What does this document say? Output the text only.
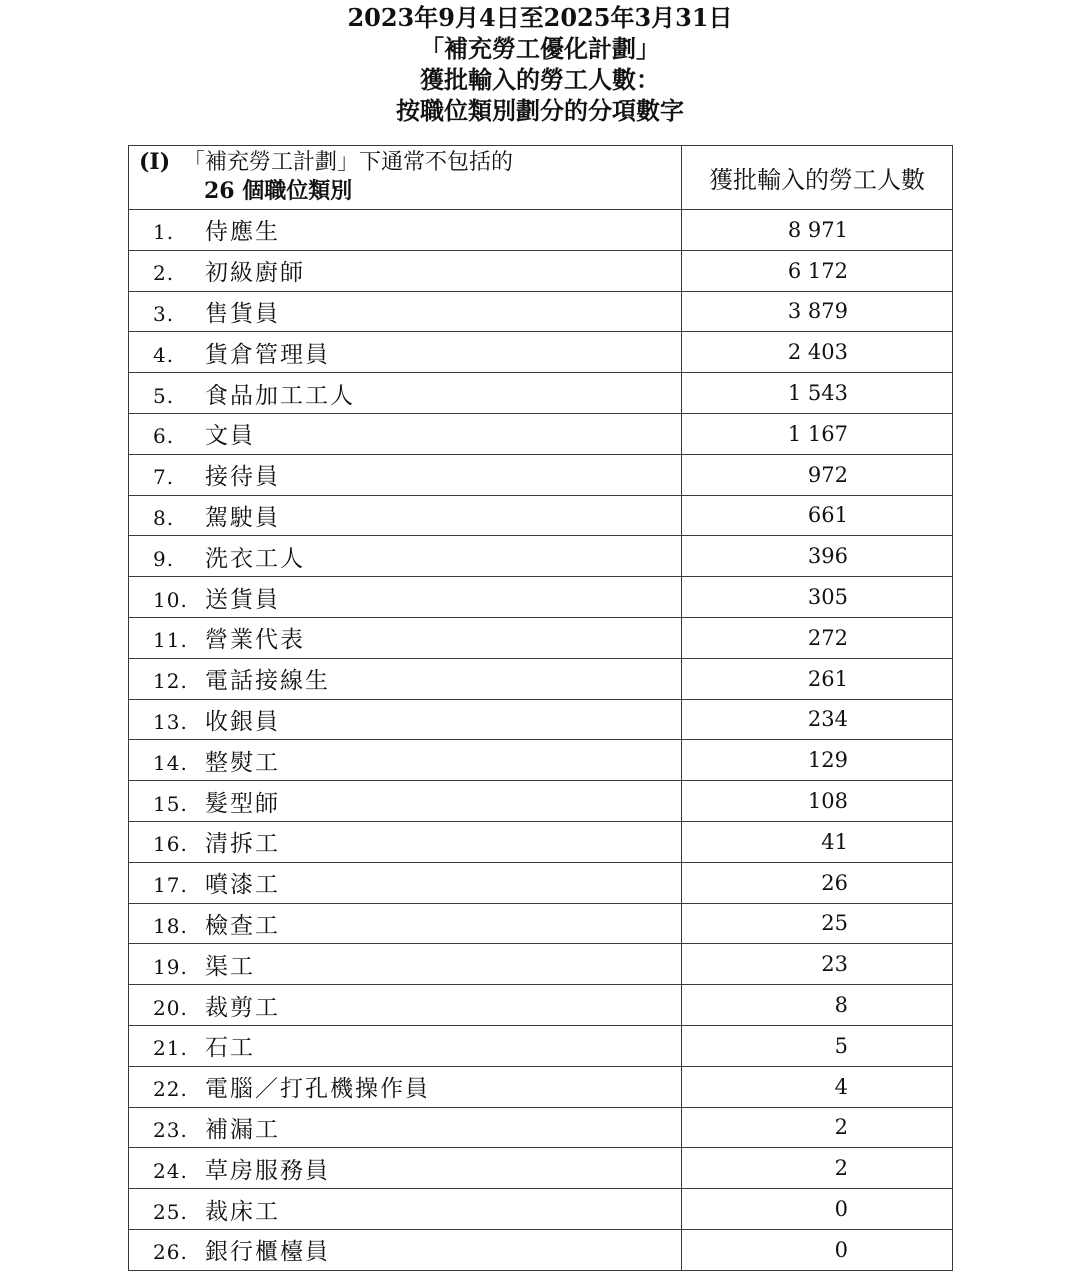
2023年9月4日至2025年3月31日
「補充勞工優化計劃」
獲批輸入的勞工人數：
按職位類別劃分的分項數字
(I) 「補充勞工計劃」下通常不包括的
26 個職位類別	獲批輸入的勞工人數
1. 侍應生	8 971
2. 初級廚師	6 172
3. 售貨員	3 879
4. 貨倉管理員	2 403
5. 食品加工工人	1 543
6. 文員	1 167
7. 接待員	972
8. 駕駛員	661
9. 洗衣工人	396
10. 送貨員	305
11. 營業代表	272
12. 電話接線生	261
13. 收銀員	234
14. 整熨工	129
15. 髮型師	108
16. 清拆工	41
17. 噴漆工	26
18. 檢查工	25
19. 渠工	23
20. 裁剪工	8
21. 石工	5
22. 電腦／打孔機操作員	4
23. 補漏工	2
24. 草房服務員	2
25. 裁床工	0
26. 銀行櫃檯員	0
